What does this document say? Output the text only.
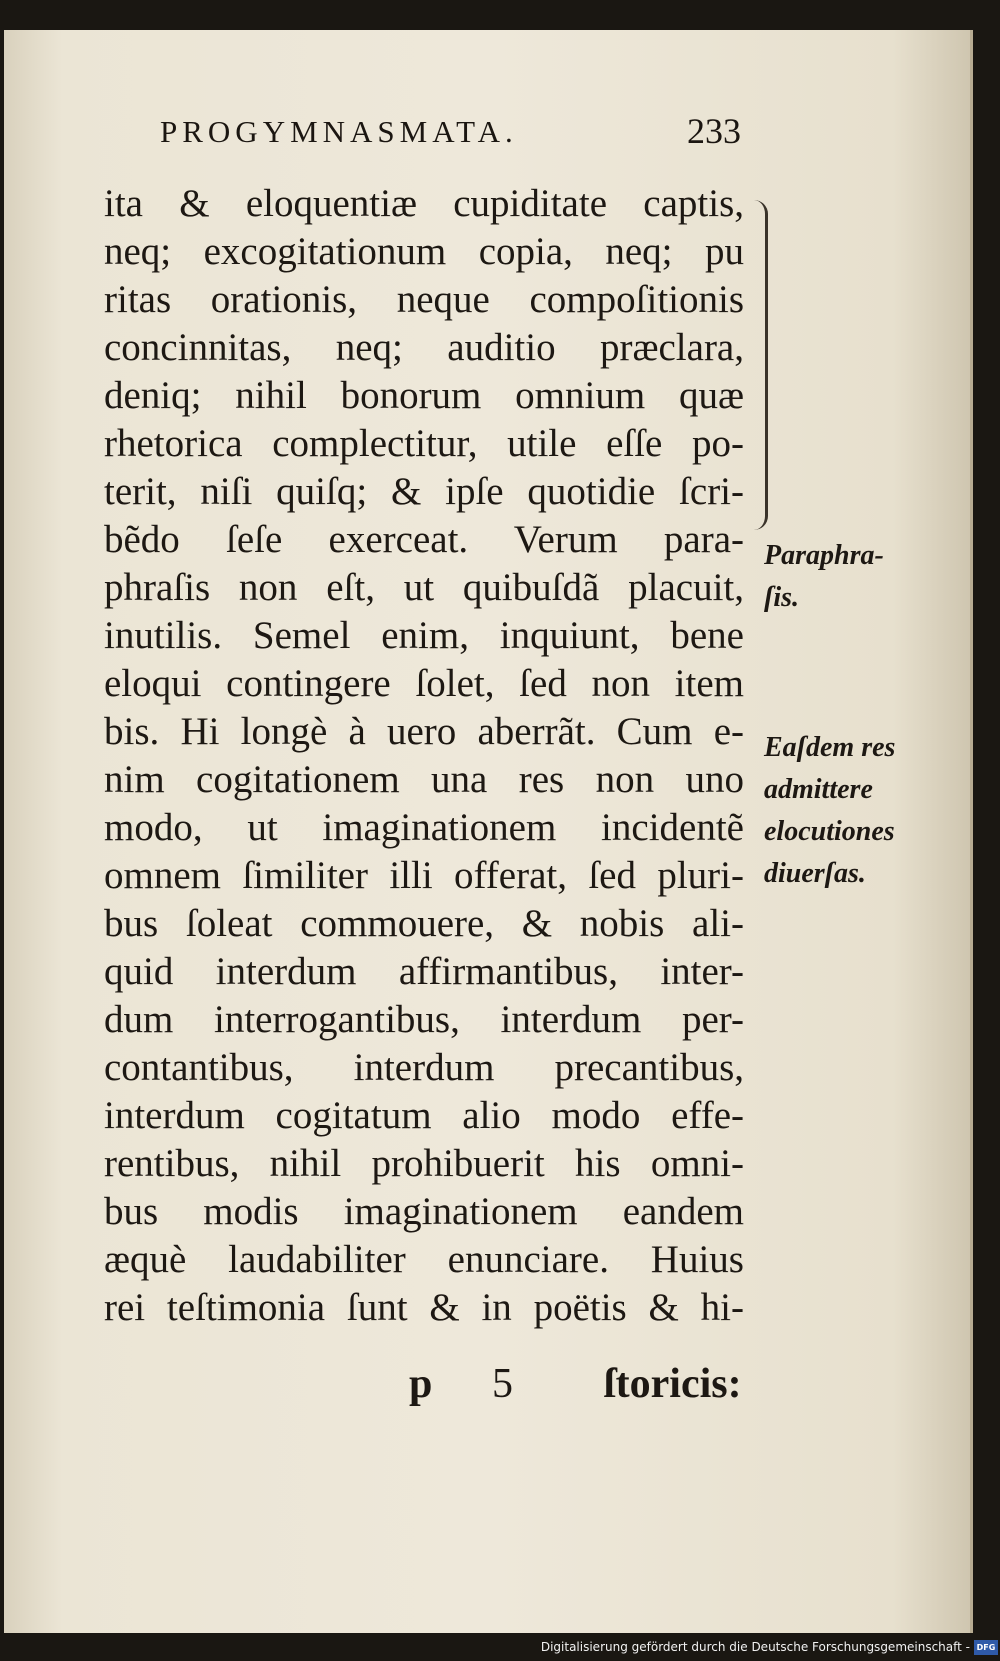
PROGYMNASMATA.	233
ita & eloquentiæ cupiditate captis,
neq; excogitationum copia, neq; pu
ritas orationis, neque compoſitionis
concinnitas, neq; auditio præclara,
deniq; nihil bonorum omnium quæ
rhetorica complectitur, utile eſſe po-
terit, niſi quiſq; & ipſe quotidie ſcri-
bẽdo ſeſe exerceat. Verum para-
phraſis non eſt, ut quibuſdã placuit,
inutilis. Semel enim, inquiunt, bene
eloqui contingere ſolet, ſed non item
bis. Hi longè à uero aberrãt. Cum e-
nim cogitationem una res non uno
modo, ut imaginationem incidentẽ
omnem ſimiliter illi offerat, ſed pluri-
bus ſoleat commouere, & nobis ali-
quid interdum affirmantibus, inter-
dum interrogantibus, interdum per-
contantibus, interdum precantibus,
interdum cogitatum alio modo effe-
rentibus, nihil prohibuerit his omni-
bus modis imaginationem eandem
æquè laudabiliter enunciare. Huius
rei teſtimonia ſunt & in poëtis & hi-
Paraphra-
ſis.
Eaſdem res
admittere
elocutiones
diuerſas.
p 5 ſtoricis:
Digitalisierung gefördert durch die Deutsche Forschungsgemeinschaft - DFG
